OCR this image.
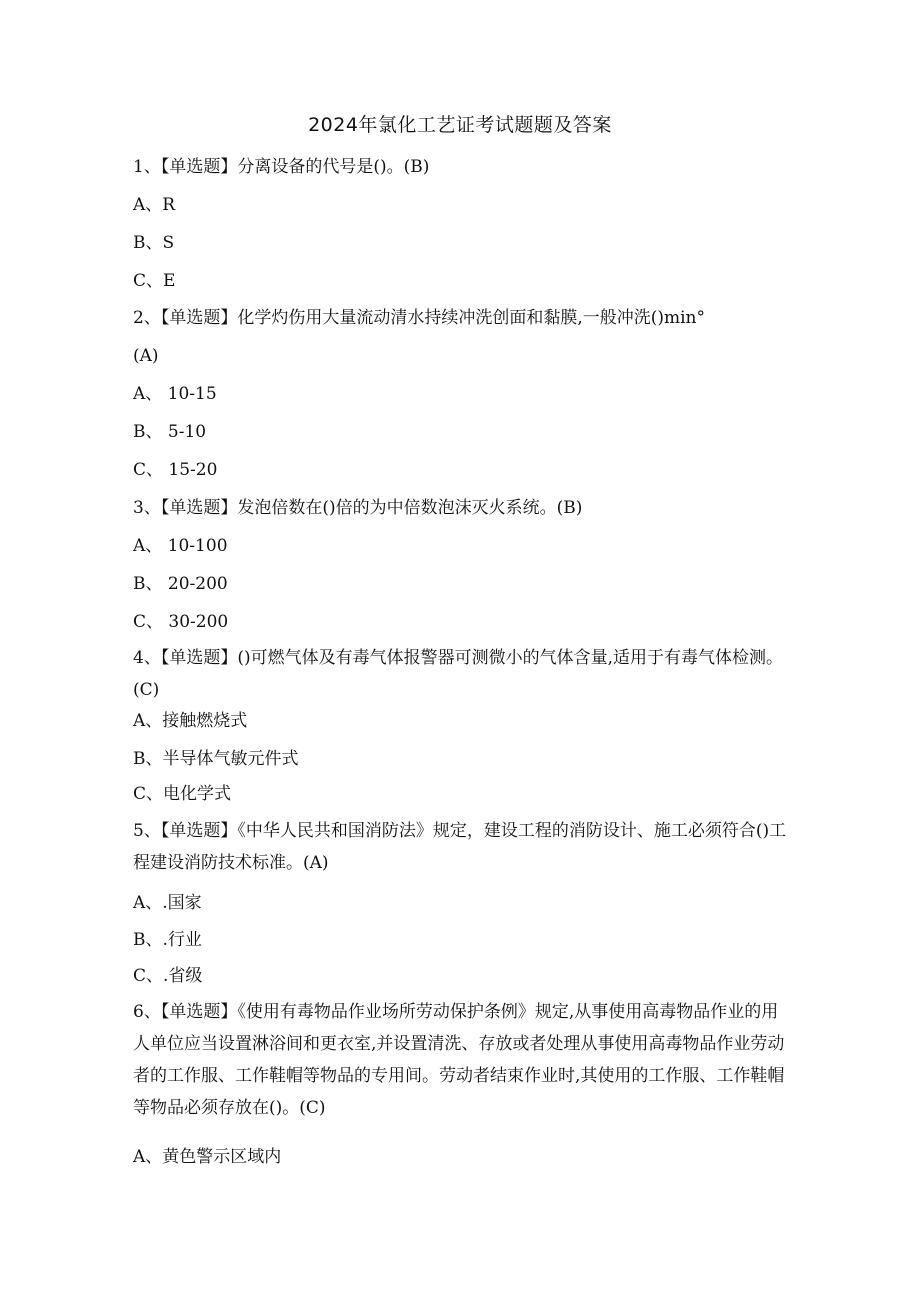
2024年氯化工艺证考试题题及答案
1、【单选题】分离设备的代号是()。(B)
A、R
B、S
C、E
2、【单选题】化学灼伤用大量流动清水持续冲洗创面和黏膜,一般冲洗()min°
(A)
A、 10-15
B、 5-10
C、 15-20
3、【单选题】发泡倍数在()倍的为中倍数泡沫灭火系统。(B)
A、 10-100
B、 20-200
C、 30-200
4、【单选题】()可燃气体及有毒气体报警器可测微小的气体含量,适用于有毒气体检测。(C)
A、接触燃烧式
B、半导体气敏元件式
C、电化学式
5、【单选题】《中华人民共和国消防法》规定，建设工程的消防设计、施工必须符合()工程建设消防技术标准。(A)
A、.国家
B、.行业
C、.省级
6、【单选题】《使用有毒物品作业场所劳动保护条例》规定,从事使用高毒物品作业的用人单位应当设置淋浴间和更衣室,并设置清洗、存放或者处理从事使用高毒物品作业劳动者的工作服、工作鞋帽等物品的专用间。劳动者结束作业时,其使用的工作服、工作鞋帽等物品必须存放在()。(C)
A、黄色警示区域内
